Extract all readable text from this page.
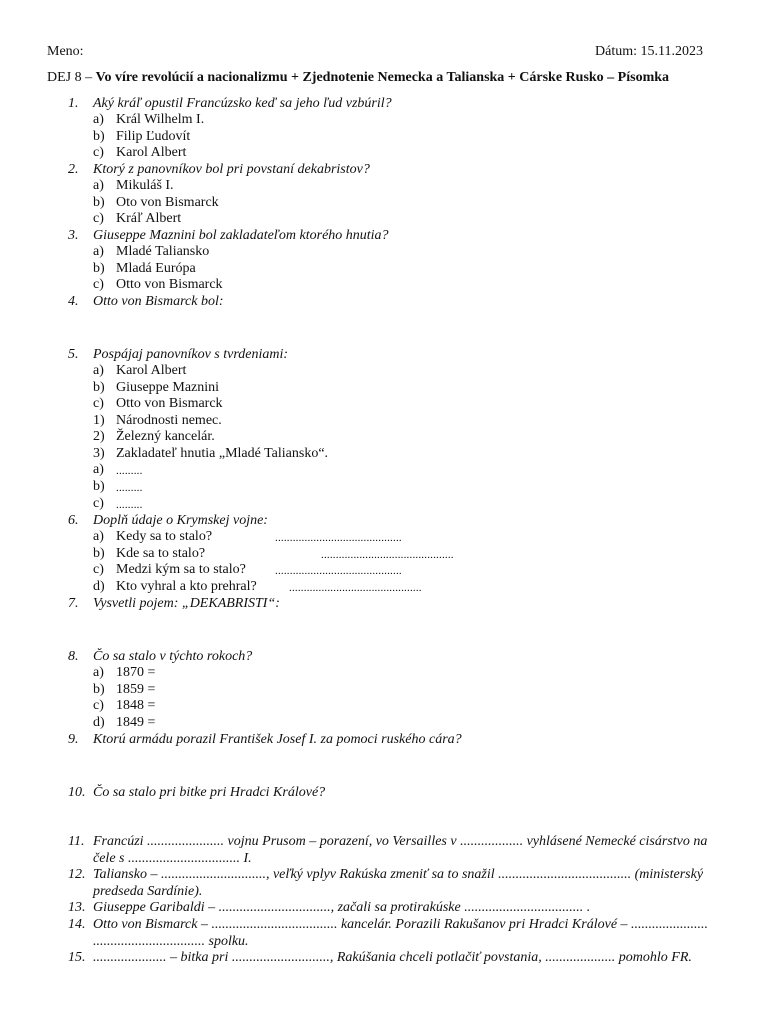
Meno:	Dátum: 15.11.2023
DEJ 8 – Vo víre revolúcií a nacionalizmu + Zjednotenie Nemecka a Talianska + Cárske Rusko – Písomka
1.	Aký kráľ opustil Francúzsko keď sa jeho ľud vzbúril?
a) Král Wilhelm I.
b) Filip Ľudovít
c) Karol Albert
2.	Ktorý z panovníkov bol pri povstaní dekabristov?
a) Mikuláš I.
b) Oto von Bismarck
c) Kráľ Albert
3.	Giuseppe Maznini bol zakladateľom ktorého hnutia?
a) Mladé Taliansko
b) Mladá Európa
c) Otto von Bismarck
4.	Otto von Bismarck bol:
5.	Pospájaj panovníkov s tvrdeniami:
a) Karol Albert
b) Giuseppe Maznini
c) Otto von Bismarck
1) Národnosti nemec.
2) Železný kancelár.
3) Zakladateľ hnutia „Mladé Taliansko“.
a) .........
b) .........
c) .........
6.	Doplň údaje o Krymskej vojne:
a) Kedy sa to stalo?	...........................................
b) Kde sa to stalo?	.............................................
c) Medzi kým sa to stalo?	...........................................
d) Kto vyhral a kto prehral?	.............................................
7.	Vysvetli pojem: „DEKABRISTI“:
8.	Čo sa stalo v týchto rokoch?
a) 1870 =
b) 1859 =
c) 1848 =
d) 1849 =
9.	Ktorú armádu porazil František Josef I. za pomoci ruského cára?
10. Čo sa stalo pri bitke pri Hradci Králové?
11. Francúzi ...................... vojnu Prusom – porazení, vo Versailles v .................. vyhlásené Nemecké cisárstvo na čele s ................................ I.
12. Taliansko – .............................., veľký vplyv Rakúska zmeniť sa to snažil ...................................... (ministerský predseda Sardínie).
13. Giuseppe Garibaldi – ................................, začali sa protirakúske .................................. .
14. Otto von Bismarck – .................................... kancelár. Porazili Rakušanov pri Hradci Králové – ...................... ................................ spolku.
15. ..................... – bitka pri ............................, Rakúšania chceli potlačiť povstania, .................... pomohlo FR.
